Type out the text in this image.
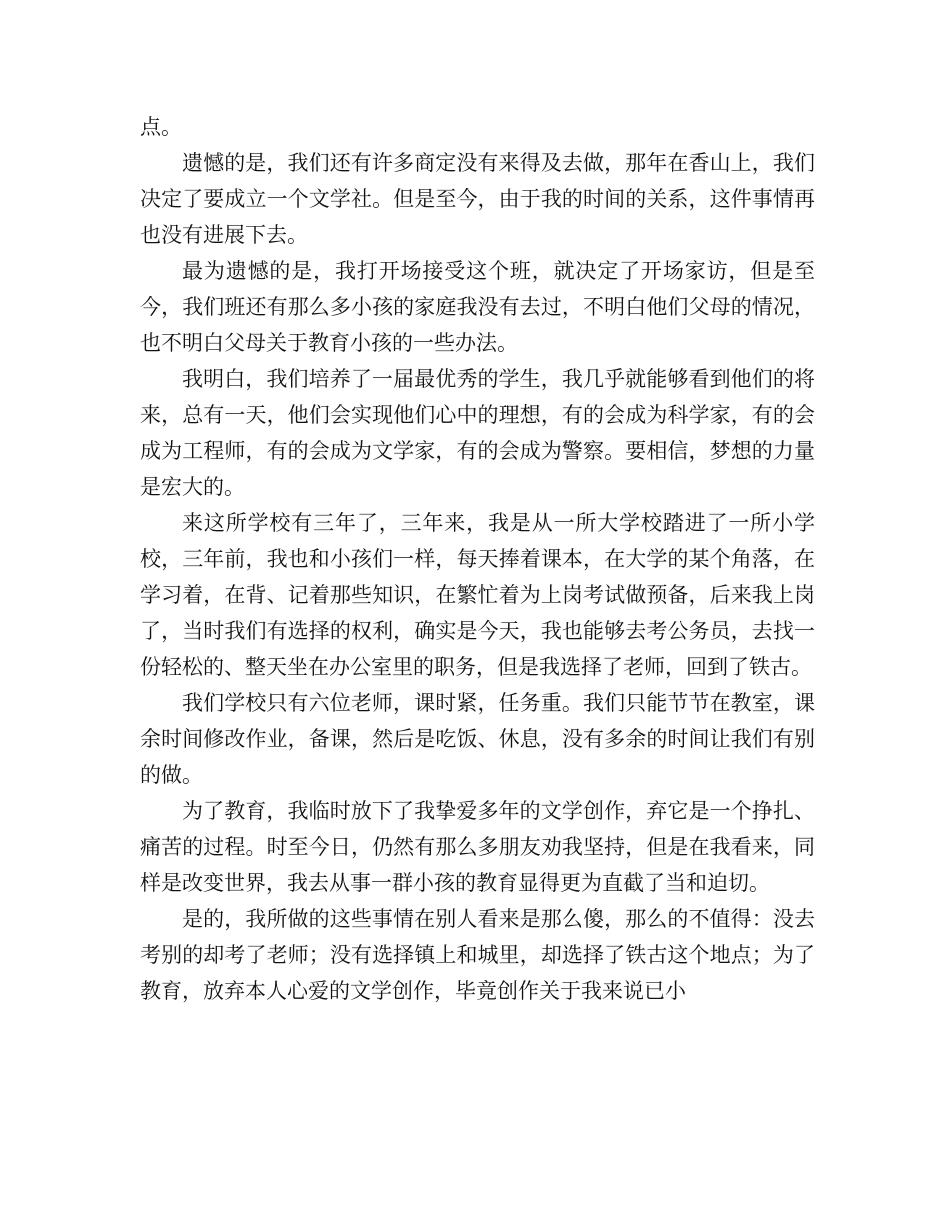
点。

遗憾的是，我们还有许多商定没有来得及去做，那年在香山上，我们决定了要成立一个文学社。但是至今，由于我的时间的关系，这件事情再也没有进展下去。

最为遗憾的是，我打开场接受这个班，就决定了开场家访，但是至今，我们班还有那么多小孩的家庭我没有去过，不明白他们父母的情况，也不明白父母关于教育小孩的一些办法。

我明白，我们培养了一届最优秀的学生，我几乎就能够看到他们的将来，总有一天，他们会实现他们心中的理想，有的会成为科学家，有的会成为工程师，有的会成为文学家，有的会成为警察。要相信，梦想的力量是宏大的。

来这所学校有三年了，三年来，我是从一所大学校踏进了一所小学校，三年前，我也和小孩们一样，每天捧着课本，在大学的某个角落，在学习着，在背、记着那些知识，在繁忙着为上岗考试做预备，后来我上岗了，当时我们有选择的权利，确实是今天，我也能够去考公务员，去找一份轻松的、整天坐在办公室里的职务，但是我选择了老师，回到了铁古。

我们学校只有六位老师，课时紧，任务重。我们只能节节在教室，课余时间修改作业，备课，然后是吃饭、休息，没有多余的时间让我们有别的做。

为了教育，我临时放下了我挚爱多年的文学创作，弃它是一个挣扎、痛苦的过程。时至今日，仍然有那么多朋友劝我坚持，但是在我看来，同样是改变世界，我去从事一群小孩的教育显得更为直截了当和迫切。

是的，我所做的这些事情在别人看来是那么傻，那么的不值得：没去考别的却考了老师；没有选择镇上和城里，却选择了铁古这个地点；为了教育，放弃本人心爱的文学创作，毕竟创作关于我来说已小
